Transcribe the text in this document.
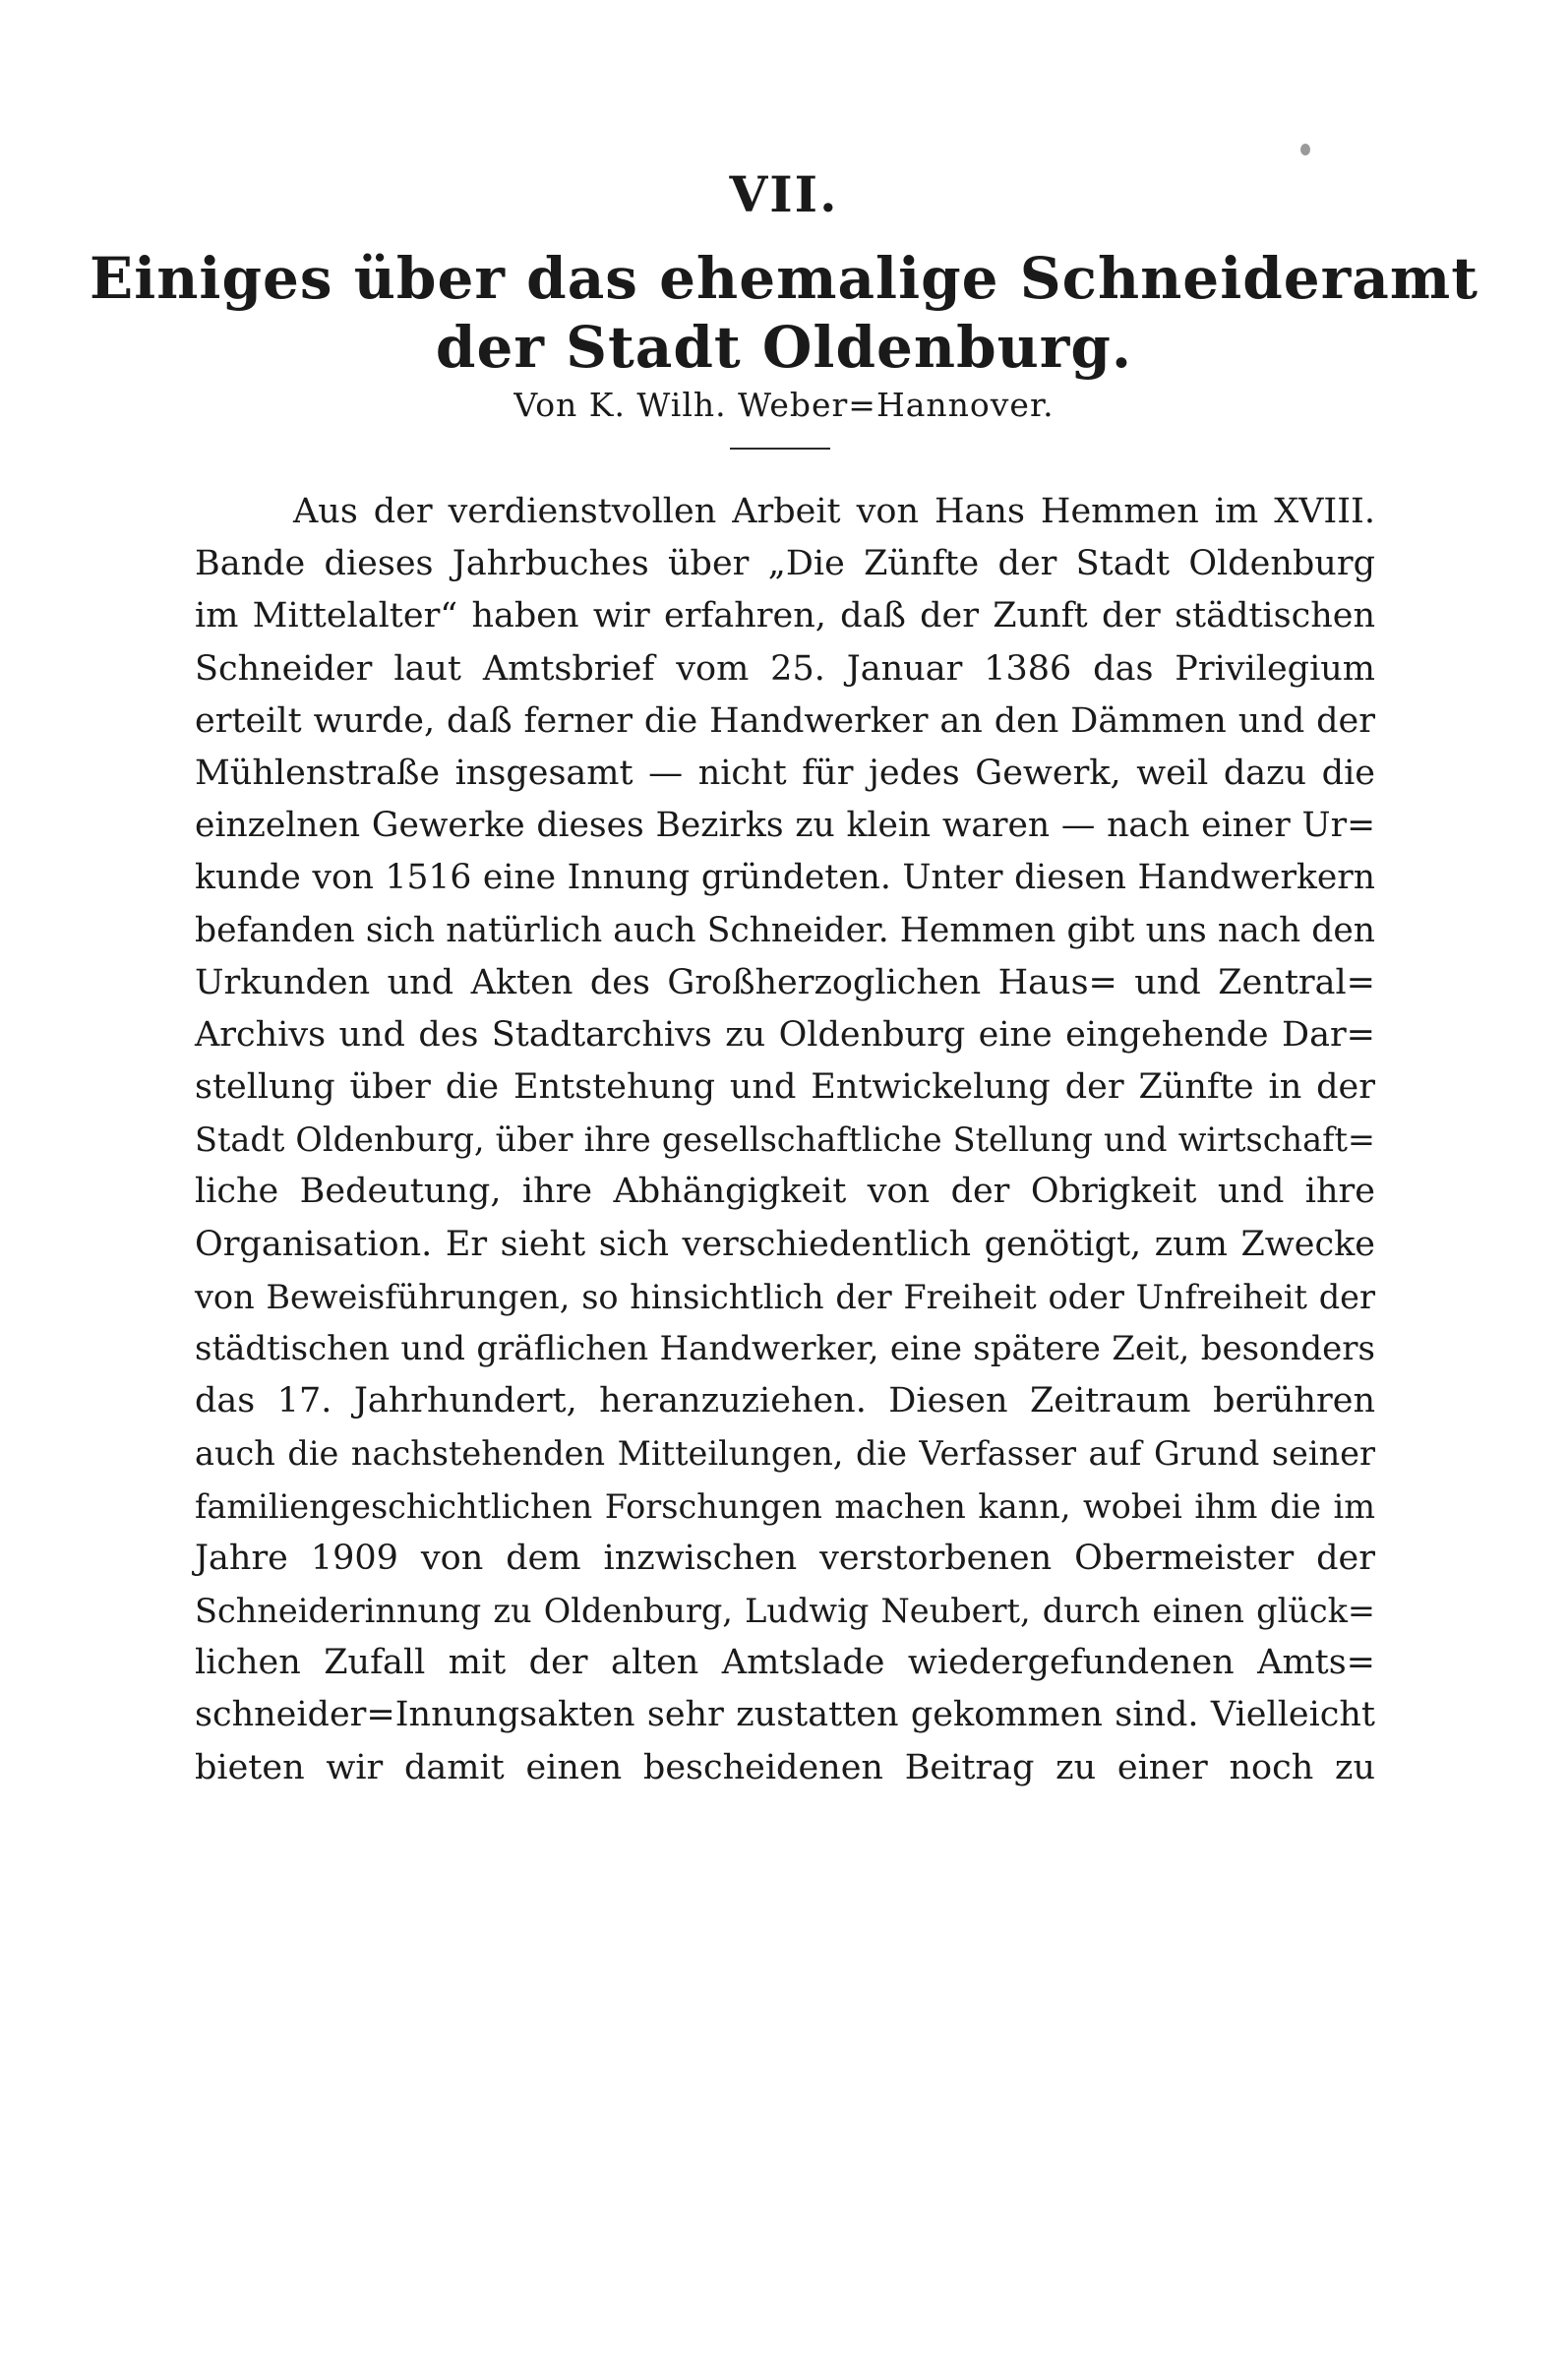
VII.
Einiges über das ehemalige Schneideramt
der Stadt Oldenburg.
Von K. Wilh. Weber=Hannover.
Aus der verdienstvollen Arbeit von Hans Hemmen im XVIII.
Bande dieses Jahrbuches über „Die Zünfte der Stadt Oldenburg
im Mittelalter“ haben wir erfahren, daß der Zunft der städtischen
Schneider laut Amtsbrief vom 25. Januar 1386 das Privilegium
erteilt wurde, daß ferner die Handwerker an den Dämmen und der
Mühlenstraße insgesamt — nicht für jedes Gewerk, weil dazu die
einzelnen Gewerke dieses Bezirks zu klein waren — nach einer Ur=
kunde von 1516 eine Innung gründeten. Unter diesen Handwerkern
befanden sich natürlich auch Schneider. Hemmen gibt uns nach den
Urkunden und Akten des Großherzoglichen Haus= und Zentral=
Archivs und des Stadtarchivs zu Oldenburg eine eingehende Dar=
stellung über die Entstehung und Entwickelung der Zünfte in der
Stadt Oldenburg, über ihre gesellschaftliche Stellung und wirtschaft=
liche Bedeutung, ihre Abhängigkeit von der Obrigkeit und ihre
Organisation. Er sieht sich verschiedentlich genötigt, zum Zwecke
von Beweisführungen, so hinsichtlich der Freiheit oder Unfreiheit der
städtischen und gräflichen Handwerker, eine spätere Zeit, besonders
das 17. Jahrhundert, heranzuziehen. Diesen Zeitraum berühren
auch die nachstehenden Mitteilungen, die Verfasser auf Grund seiner
familiengeschichtlichen Forschungen machen kann, wobei ihm die im
Jahre 1909 von dem inzwischen verstorbenen Obermeister der
Schneiderinnung zu Oldenburg, Ludwig Neubert, durch einen glück=
lichen Zufall mit der alten Amtslade wiedergefundenen Amts=
schneider=Innungsakten sehr zustatten gekommen sind. Vielleicht
bieten wir damit einen bescheidenen Beitrag zu einer noch zu
